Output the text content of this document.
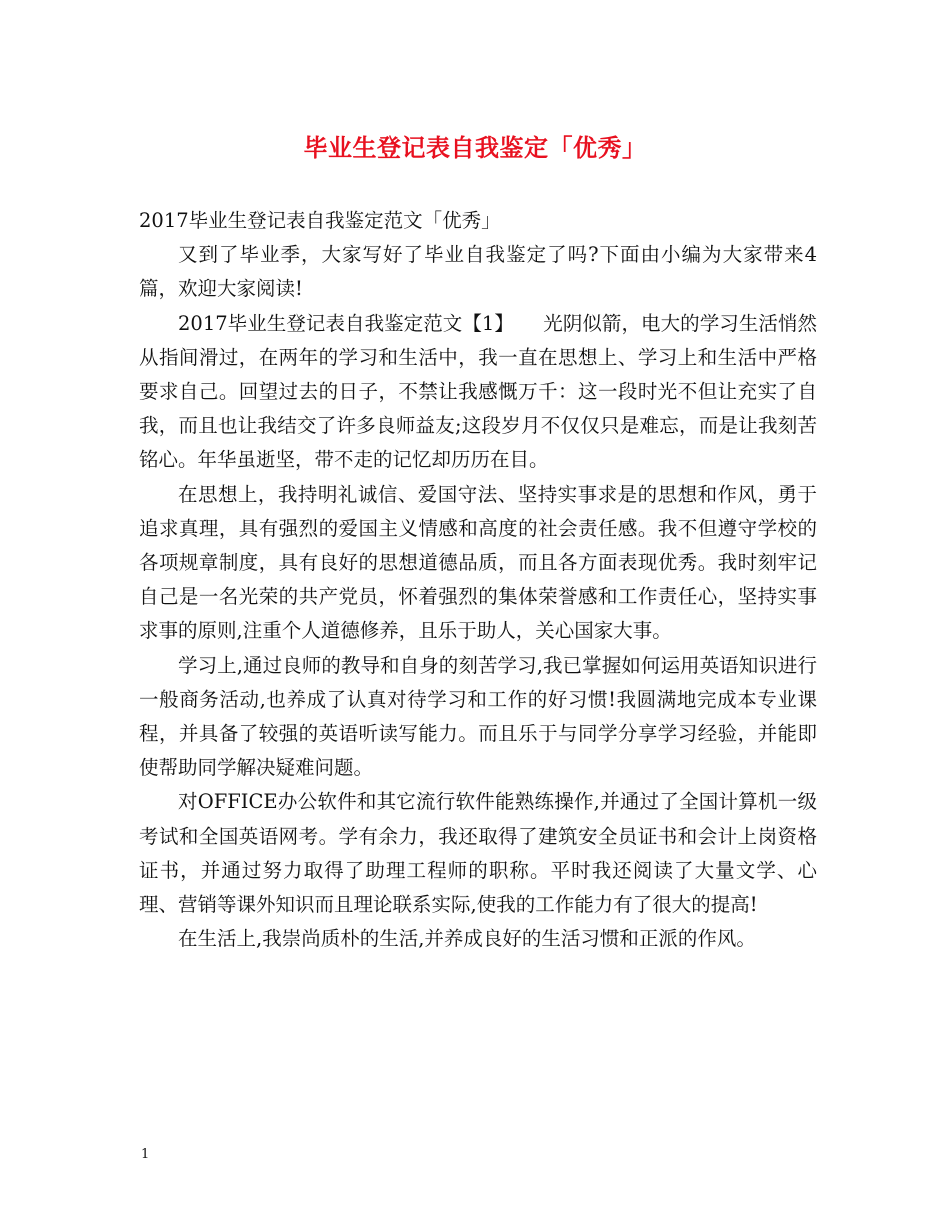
毕业生登记表自我鉴定「优秀」

2017毕业生登记表自我鉴定范文「优秀」

又到了毕业季，大家写好了毕业自我鉴定了吗?下面由小编为大家带来4篇，欢迎大家阅读!

2017毕业生登记表自我鉴定范文【1】　　光阴似箭，电大的学习生活悄然从指间滑过，在两年的学习和生活中，我一直在思想上、学习上和生活中严格要求自己。回望过去的日子，不禁让我感慨万千：这一段时光不但让充实了自我，而且也让我结交了许多良师益友;这段岁月不仅仅只是难忘，而是让我刻苦铭心。年华虽逝坚，带不走的记忆却历历在目。

在思想上，我持明礼诚信、爱国守法、坚持实事求是的思想和作风，勇于追求真理，具有强烈的爱国主义情感和高度的社会责任感。我不但遵守学校的各项规章制度，具有良好的思想道德品质，而且各方面表现优秀。我时刻牢记自己是一名光荣的共产党员，怀着强烈的集体荣誉感和工作责任心，坚持实事求事的原则,注重个人道德修养，且乐于助人，关心国家大事。

学习上,通过良师的教导和自身的刻苦学习,我已掌握如何运用英语知识进行一般商务活动,也养成了认真对待学习和工作的好习惯!我圆满地完成本专业课程，并具备了较强的英语听读写能力。而且乐于与同学分享学习经验，并能即使帮助同学解决疑难问题。

对OFFICE办公软件和其它流行软件能熟练操作,并通过了全国计算机一级考试和全国英语网考。学有余力，我还取得了建筑安全员证书和会计上岗资格证书，并通过努力取得了助理工程师的职称。平时我还阅读了大量文学、心理、营销等课外知识而且理论联系实际,使我的工作能力有了很大的提高!

在生活上,我崇尚质朴的生活,并养成良好的生活习惯和正派的作风。

1
